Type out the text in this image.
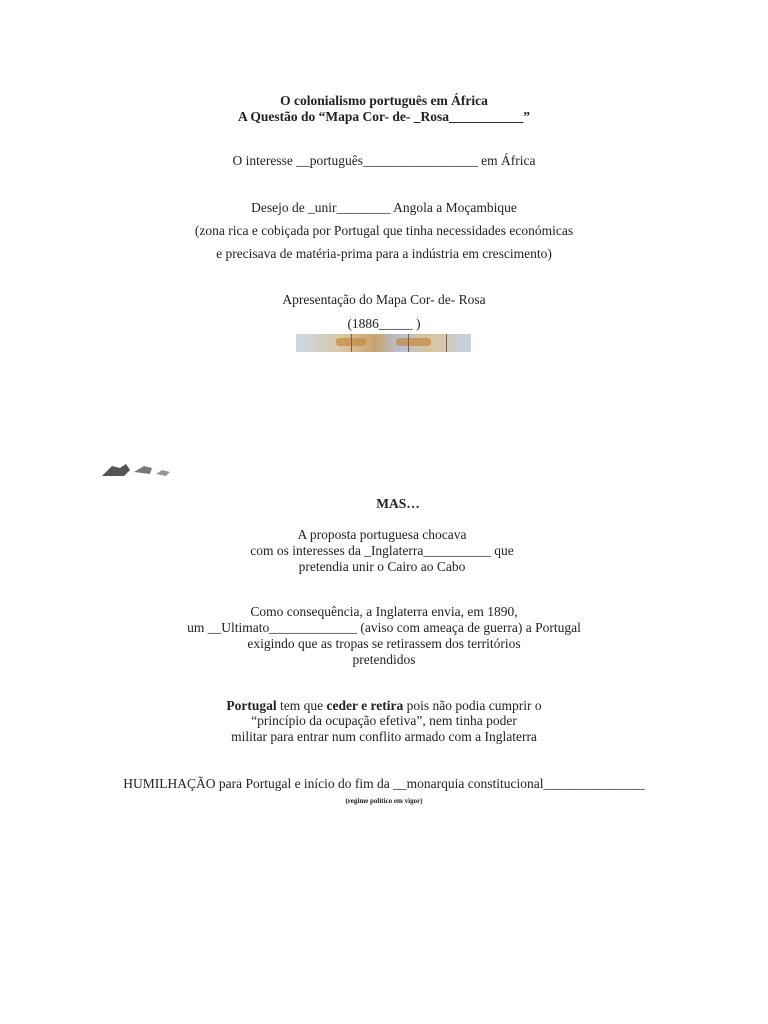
O colonialismo português em África
A Questão do “Mapa Cor- de- _Rosa___________”
O interesse __português_________________ em África
Desejo de _unir________ Angola a Moçambique
(zona rica e cobiçada por Portugal que tinha necessidades económicas
e precisava de matéria-prima para a indústria em crescimento)
Apresentação do Mapa Cor- de- Rosa
(1886_____ )
MAS…
A proposta portuguesa chocava
com os interesses da _Inglaterra__________ que
pretendia unir o Cairo ao Cabo
Como consequência, a Inglaterra envia, em 1890,
um __Ultimato_____________ (aviso com ameaça de guerra) a Portugal
exigindo que as tropas se retirassem dos territórios
pretendidos
Portugal tem que ceder e retira pois não podia cumprir o
“princípio da ocupação efetiva”, nem tinha poder
militar para entrar num conflito armado com a Inglaterra
HUMILHAÇÃO para Portugal e início do fim da __monarquia constitucional_______________
(regime político em vigor)
